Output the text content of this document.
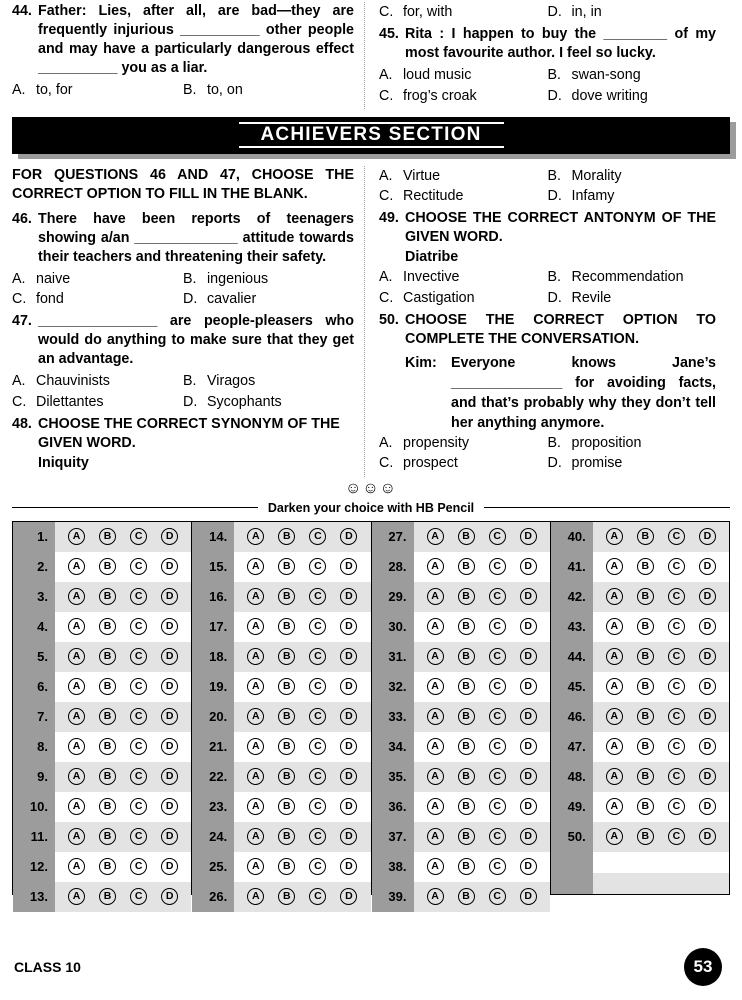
44. Father: Lies, after all, are bad—they are frequently injurious __________ other people and may have a particularly dangerous effect __________ you as a liar.
A. to, for	B. to, on
C. for, with	D. in, in
45. Rita : I happen to buy the ________ of my most favourite author. I feel so lucky.
A. loud music	B. swan-song
C. frog’s croak	D. dove writing
ACHIEVERS SECTION
FOR QUESTIONS 46 AND 47, CHOOSE THE CORRECT OPTION TO FILL IN THE BLANK.
46. There have been reports of teenagers showing a/an _____________ attitude towards their teachers and threatening their safety.
A. naive	B. ingenious
C. fond	D. cavalier
47. _______________ are people-pleasers who would do anything to make sure that they get an advantage.
A. Chauvinists	B. Viragos
C. Dilettantes	D. Sycophants
48. CHOOSE THE CORRECT SYNONYM OF THE GIVEN WORD.
Iniquity
A. Virtue	B. Morality
C. Rectitude	D. Infamy
49. CHOOSE THE CORRECT ANTONYM OF THE GIVEN WORD.
Diatribe
A. Invective	B. Recommendation
C. Castigation	D. Revile
50. CHOOSE THE CORRECT OPTION TO COMPLETE THE CONVERSATION.
Kim: Everyone knows Jane’s ______________ for avoiding facts, and that’s probably why they don’t tell her anything anymore.
A. propensity	B. proposition
C. prospect	D. promise
☺☺☺
Darken your choice with HB Pencil
1.	A	B	C	D
2.	A	B	C	D
3.	A	B	C	D
4.	A	B	C	D
5.	A	B	C	D
6.	A	B	C	D
7.	A	B	C	D
8.	A	B	C	D
9.	A	B	C	D
10.	A	B	C	D
11.	A	B	C	D
12.	A	B	C	D
13.	A	B	C	D
14.	A	B	C	D
15.	A	B	C	D
16.	A	B	C	D
17.	A	B	C	D
18.	A	B	C	D
19.	A	B	C	D
20.	A	B	C	D
21.	A	B	C	D
22.	A	B	C	D
23.	A	B	C	D
24.	A	B	C	D
25.	A	B	C	D
26.	A	B	C	D
27.	A	B	C	D
28.	A	B	C	D
29.	A	B	C	D
30.	A	B	C	D
31.	A	B	C	D
32.	A	B	C	D
33.	A	B	C	D
34.	A	B	C	D
35.	A	B	C	D
36.	A	B	C	D
37.	A	B	C	D
38.	A	B	C	D
39.	A	B	C	D
40.	A	B	C	D
41.	A	B	C	D
42.	A	B	C	D
43.	A	B	C	D
44.	A	B	C	D
45.	A	B	C	D
46.	A	B	C	D
47.	A	B	C	D
48.	A	B	C	D
49.	A	B	C	D
50.	A	B	C	D
CLASS 10	53
